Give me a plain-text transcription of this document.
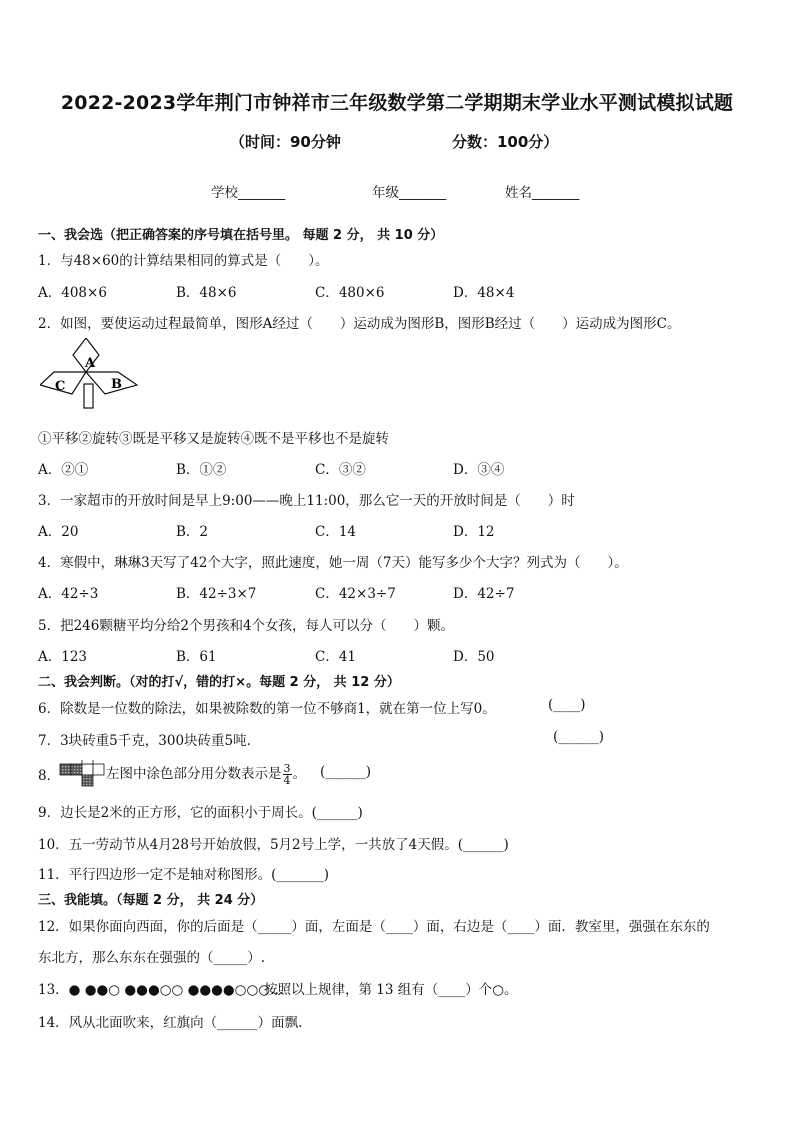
2022-2023学年荆门市钟祥市三年级数学第二学期期末学业水平测试模拟试题
（时间：90分钟	分数：100分）
学校_______	年级_______	姓名_______
一、我会选（把正确答案的序号填在括号里。 每题 2 分， 共 10 分）
1．与48×60的计算结果相同的算式是（　　）。
A．408×6	B．48×6	C．480×6	D．48×4
2．如图，要使运动过程最简单，图形A经过（　　）运动成为图形B，图形B经过（　　）运动成为图形C。
A
B
C
①平移②旋转③既是平移又是旋转④既不是平移也不是旋转
A．②①	B．①②	C．③②	D．③④
3．一家超市的开放时间是早上9:00——晚上11:00，那么它一天的开放时间是（　　）时
A．20	B．2	C．14	D．12
4．寒假中，琳琳3天写了42个大字，照此速度，她一周（7天）能写多少个大字？列式为（　　）。
A．42÷3	B．42÷3×7	C．42×3÷7	D．42÷7
5．把246颗糖平均分给2个男孩和4个女孩，每人可以分（　　）颗。
A．123	B．61	C．41	D．50
二、我会判断。（对的打√，错的打×。每题 2 分， 共 12 分）
6．除数是一位数的除法，如果被除数的第一位不够商1，就在第一位上写0。	(____)
7．3块砖重5千克，300块砖重5吨.	(______)
8．	左图中涂色部分用分数表示是 $\frac{3}{4}$ 。 (______)
9．边长是2米的正方形，它的面积小于周长。(______)
10．五一劳动节从4月28号开始放假，5月2号上学，一共放了4天假。(______)
11．平行四边形一定不是轴对称图形。(_______)
三、我能填。（每题 2 分， 共 24 分）
12．如果你面向西面，你的后面是（_____）面，左面是（____）面，右边是（____）面．教室里，强强在东东的
东北方，那么东东在强强的（_____）.
13．● ●●○ ●●●○○ ●●●●○○○…
按照以上规律，第 13 组有（____）个○。
14．风从北面吹来，红旗向（______）面飘.
